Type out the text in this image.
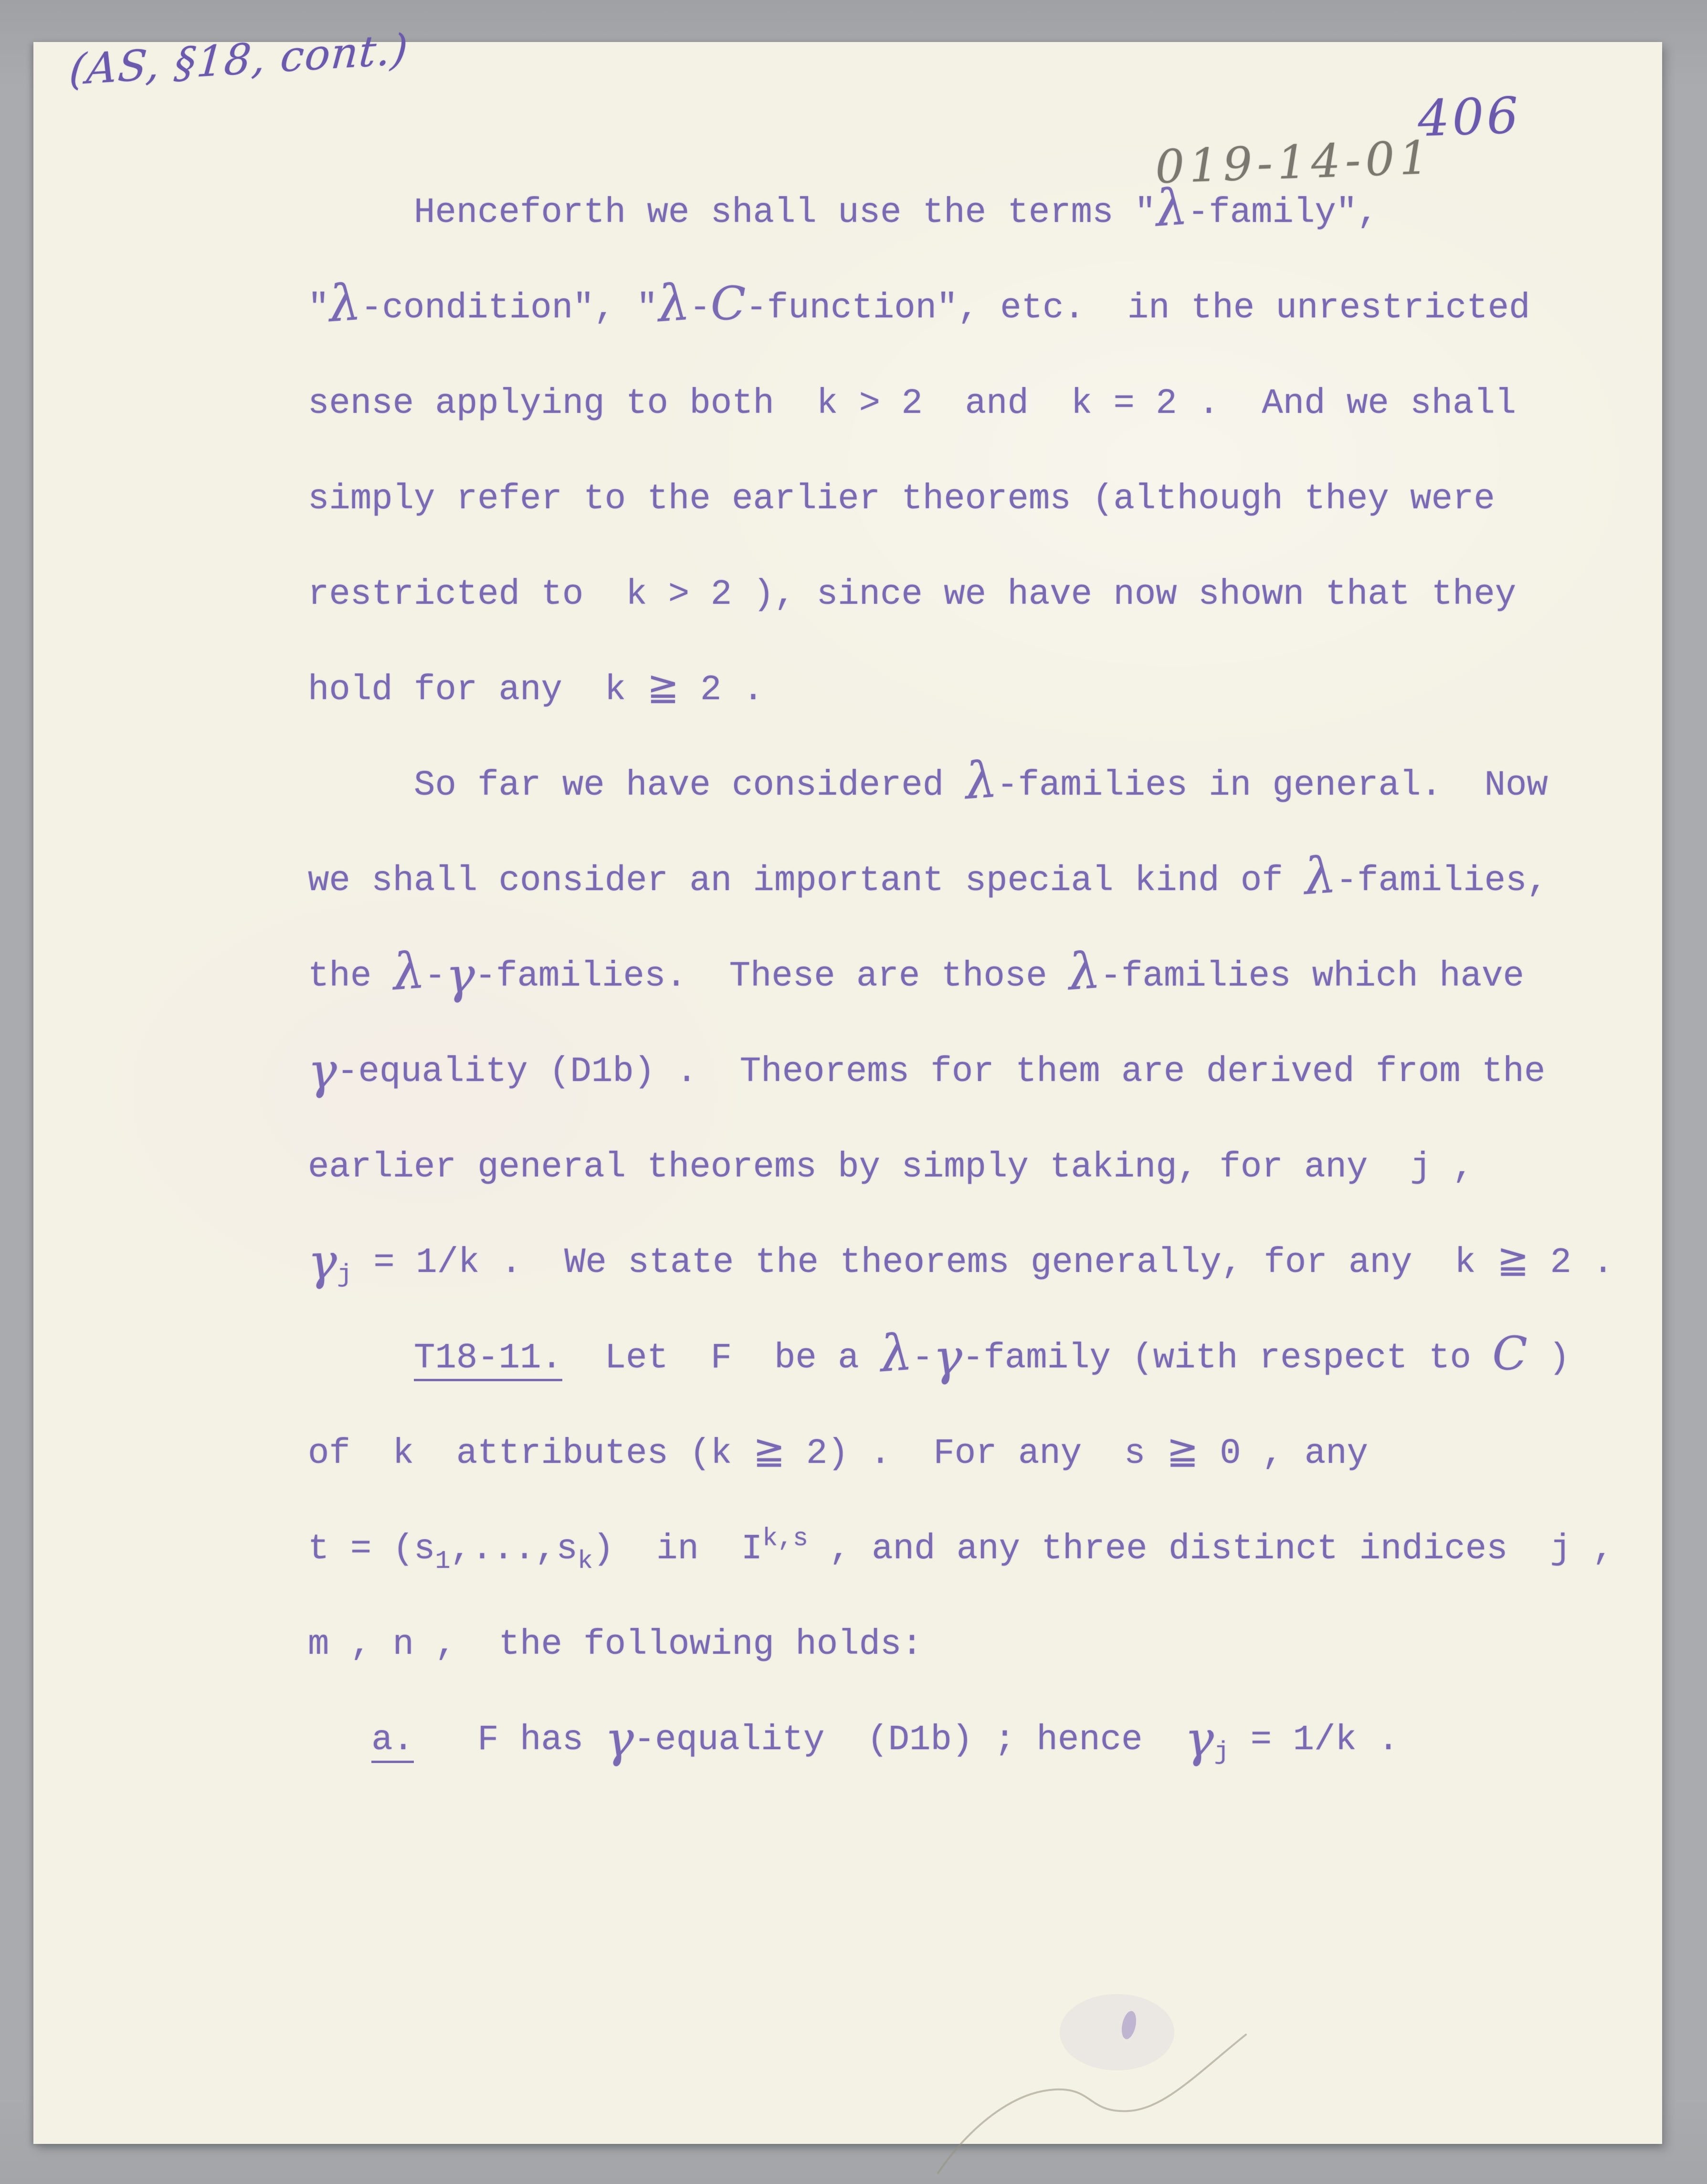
(AS, §18, cont.)
406
019-14-01
Henceforth we shall use the terms "λ-family",
"λ-condition", "λ-C-function", etc.  in the unrestricted
sense applying to both  k > 2  and  k = 2 .  And we shall
simply refer to the earlier theorems (although they were
restricted to  k > 2 ), since we have now shown that they
hold for any  k ≧ 2 .
So far we have considered λ-families in general.  Now
we shall consider an important special kind of λ-families,
the λ-γ-families.  These are those λ-families which have
γ-equality (D1b) .  Theorems for them are derived from the
earlier general theorems by simply taking, for any  j ,
$\gamma_j = 1/k$ .  We state the theorems generally, for any  k ≧ 2 .
T18-11.  Let  F  be a λ-γ-family (with respect to C )
of  k  attributes (k ≧ 2) .  For any  s ≧ 0 , any
$t = (s_1,...,s_k)$  in  I$^{k,s}$ , and any three distinct indices  j ,
m , n ,  the following holds:
a.   F has γ-equality  (D1b) ; hence  $\gamma_j = 1/k$ .
